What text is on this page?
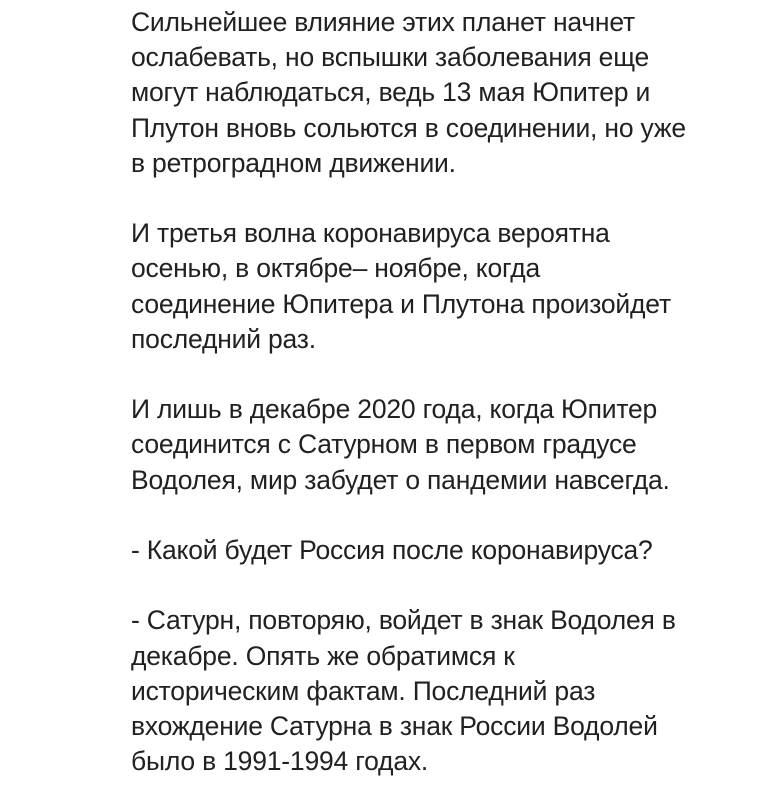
Сильнейшее влияние этих планет начнет
ослабевать, но вспышки заболевания еще
могут наблюдаться, ведь 13 мая Юпитер и
Плутон вновь сольются в соединении, но уже
в ретроградном движении.

И третья волна коронавируса вероятна
осенью, в октябре– ноябре, когда
соединение Юпитера и Плутона произойдет
последний раз.

И лишь в декабре 2020 года, когда Юпитер
соединится с Сатурном в первом градусе
Водолея, мир забудет о пандемии навсегда.

- Какой будет Россия после коронавируса?

- Сатурн, повторяю, войдет в знак Водолея в
декабре. Опять же обратимся к
историческим фактам. Последний раз
вхождение Сатурна в знак России Водолей
было в 1991-1994 годах.
